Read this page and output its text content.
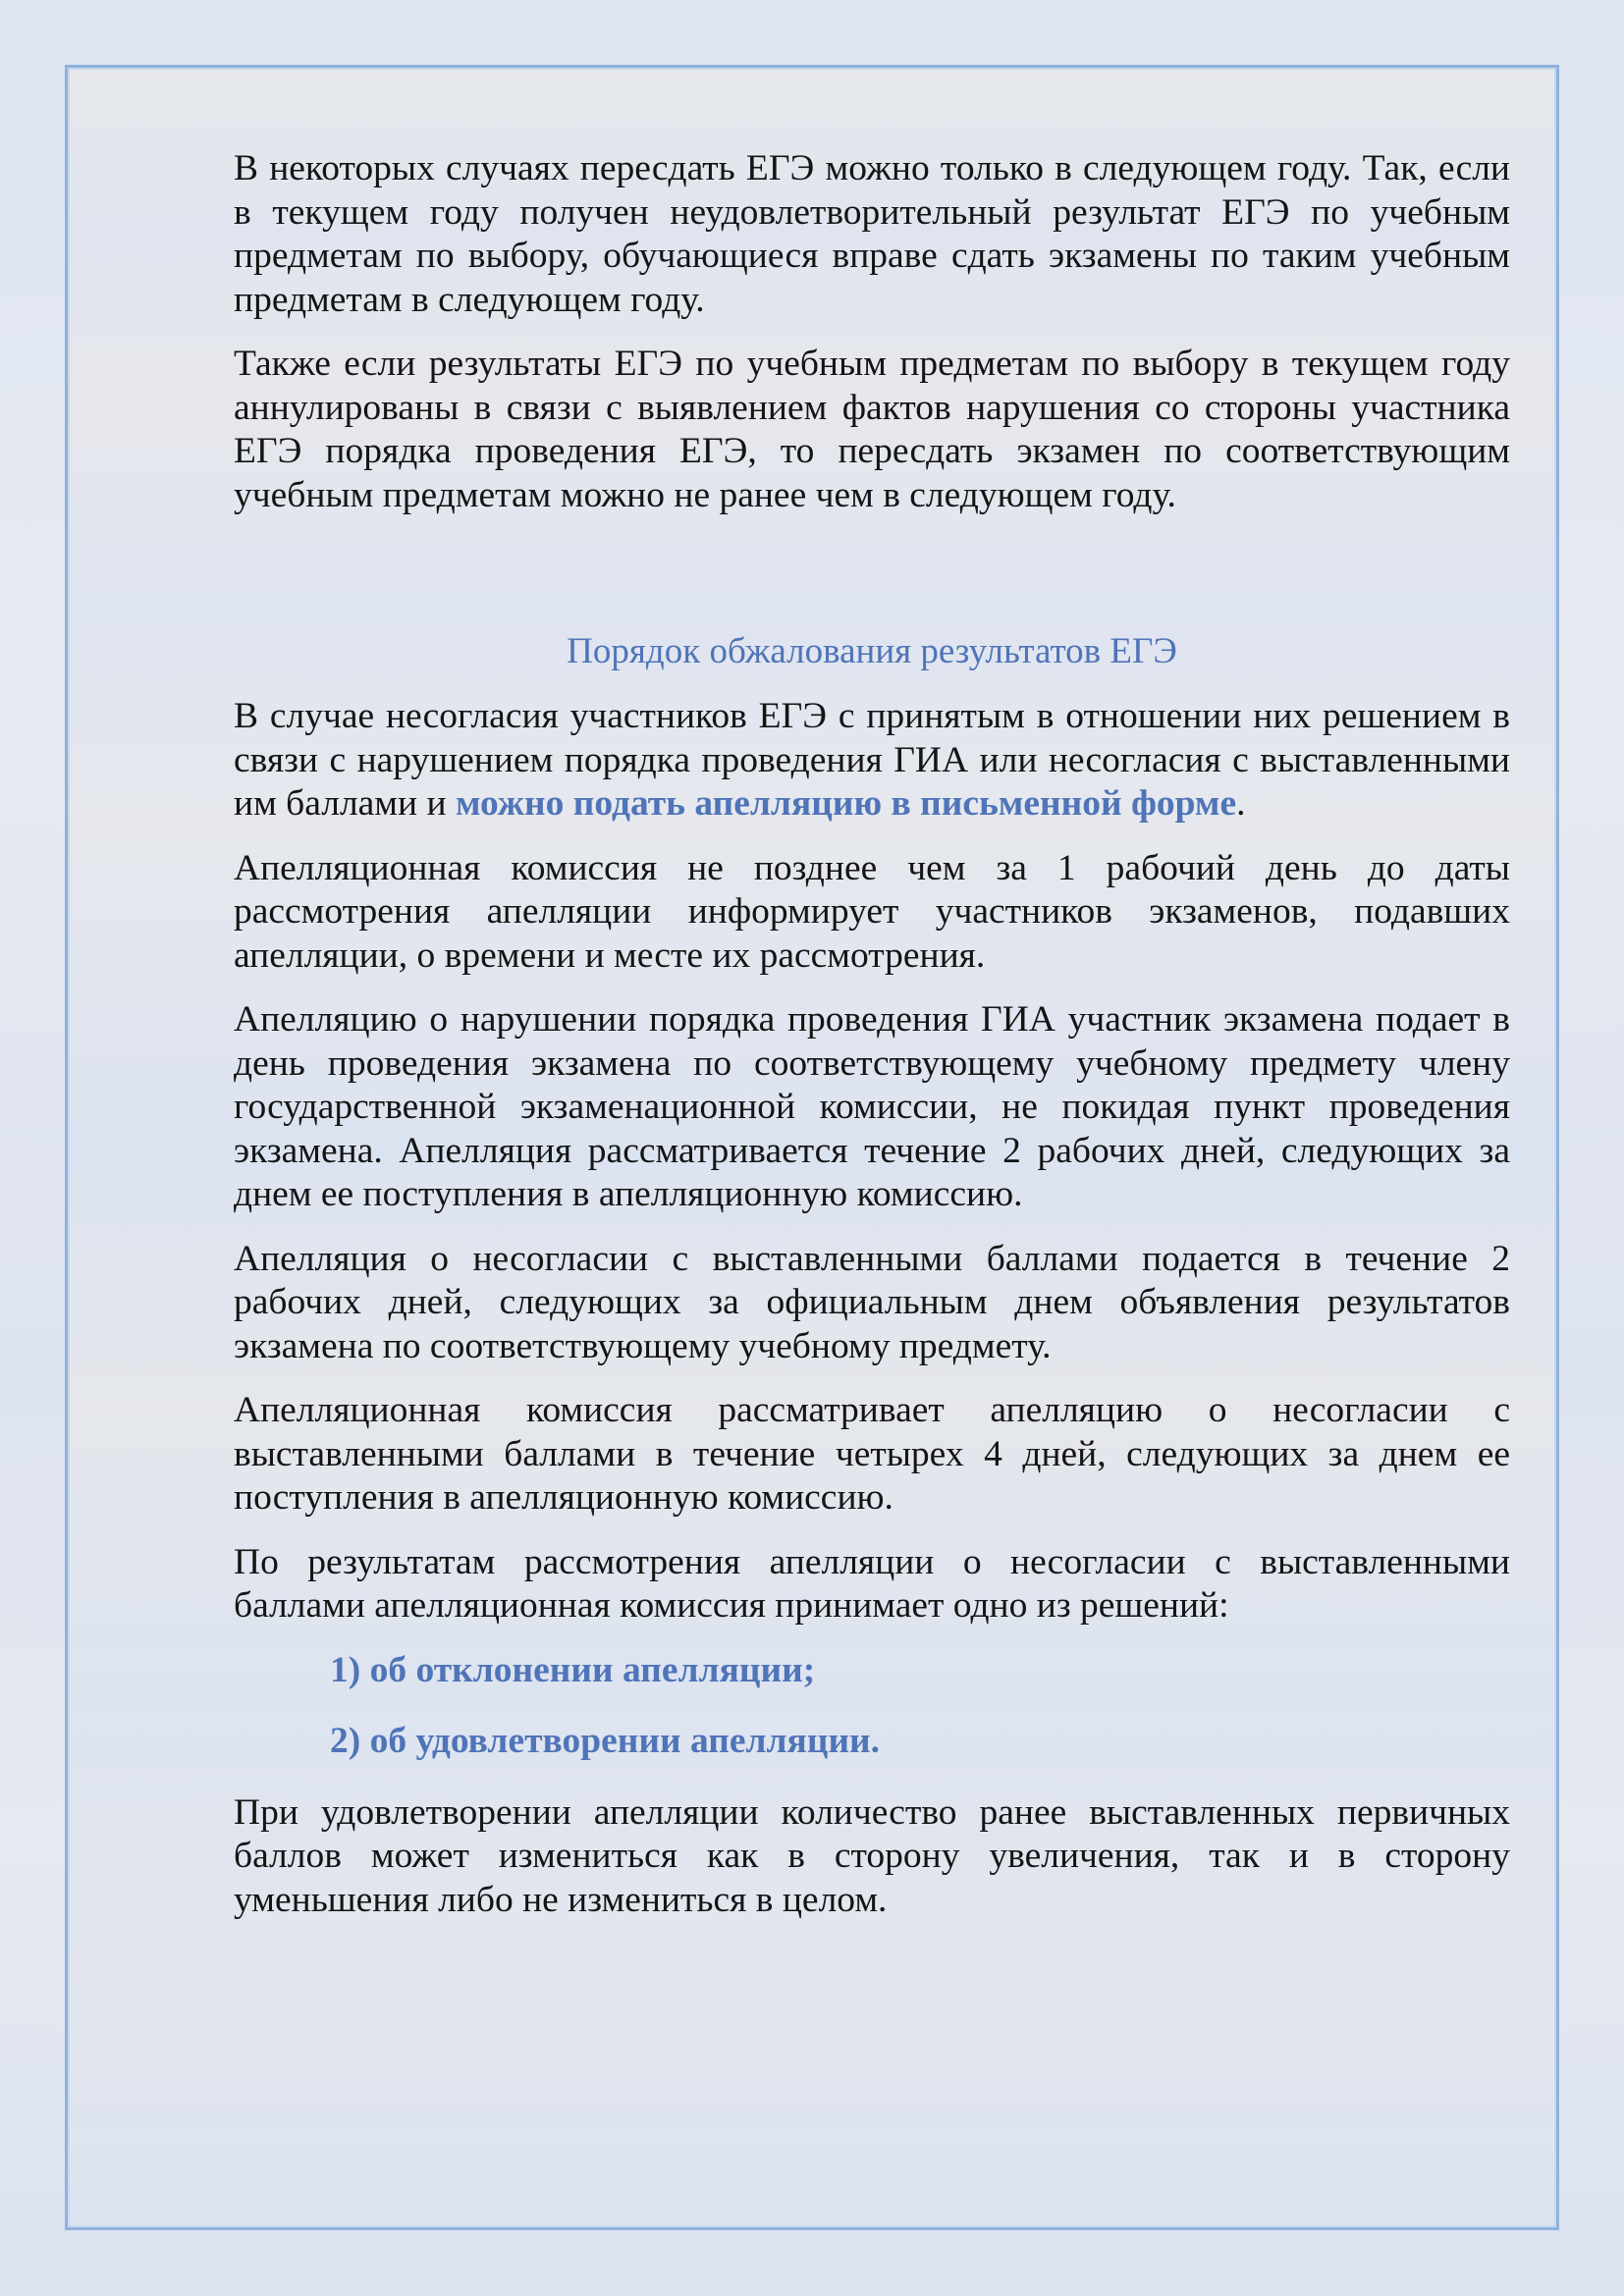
В некоторых случаях пересдать ЕГЭ можно только в следующем году. Так, если в текущем году получен неудовлетворительный результат ЕГЭ по учебным предметам по выбору, обучающиеся вправе сдать экзамены по таким учебным предметам в следующем году.

Также если результаты ЕГЭ по учебным предметам по выбору в текущем году аннулированы в связи с выявлением фактов нарушения со стороны участника ЕГЭ порядка проведения ЕГЭ, то пересдать экзамен по соответствующим учебным предметам можно не ранее чем в следующем году.

Порядок обжалования результатов ЕГЭ

В случае несогласия участников ЕГЭ с принятым в отношении них решением в связи с нарушением порядка проведения ГИА или несогласия с выставленными им баллами и можно подать апелляцию в письменной форме.

Апелляционная комиссия не позднее чем за 1 рабочий день до даты рассмотрения апелляции информирует участников экзаменов, подавших апелляции, о времени и месте их рассмотрения.

Апелляцию о нарушении порядка проведения ГИА участник экзамена подает в день проведения экзамена по соответствующему учебному предмету члену государственной экзаменационной комиссии, не покидая пункт проведения экзамена. Апелляция рассматривается течение 2 рабочих дней, следующих за днем ее поступления в апелляционную комиссию.

Апелляция о несогласии с выставленными баллами подается в течение 2 рабочих дней, следующих за официальным днем объявления результатов экзамена по соответствующему учебному предмету.

Апелляционная комиссия рассматривает апелляцию о несогласии с выставленными баллами в течение четырех 4 дней, следующих за днем ее поступления в апелляционную комиссию.

По результатам рассмотрения апелляции о несогласии с выставленными баллами апелляционная комиссия принимает одно из решений:

1) об отклонении апелляции;
2) об удовлетворении апелляции.

При удовлетворении апелляции количество ранее выставленных первичных баллов может измениться как в сторону увеличения, так и в сторону уменьшения либо не измениться в целом.
